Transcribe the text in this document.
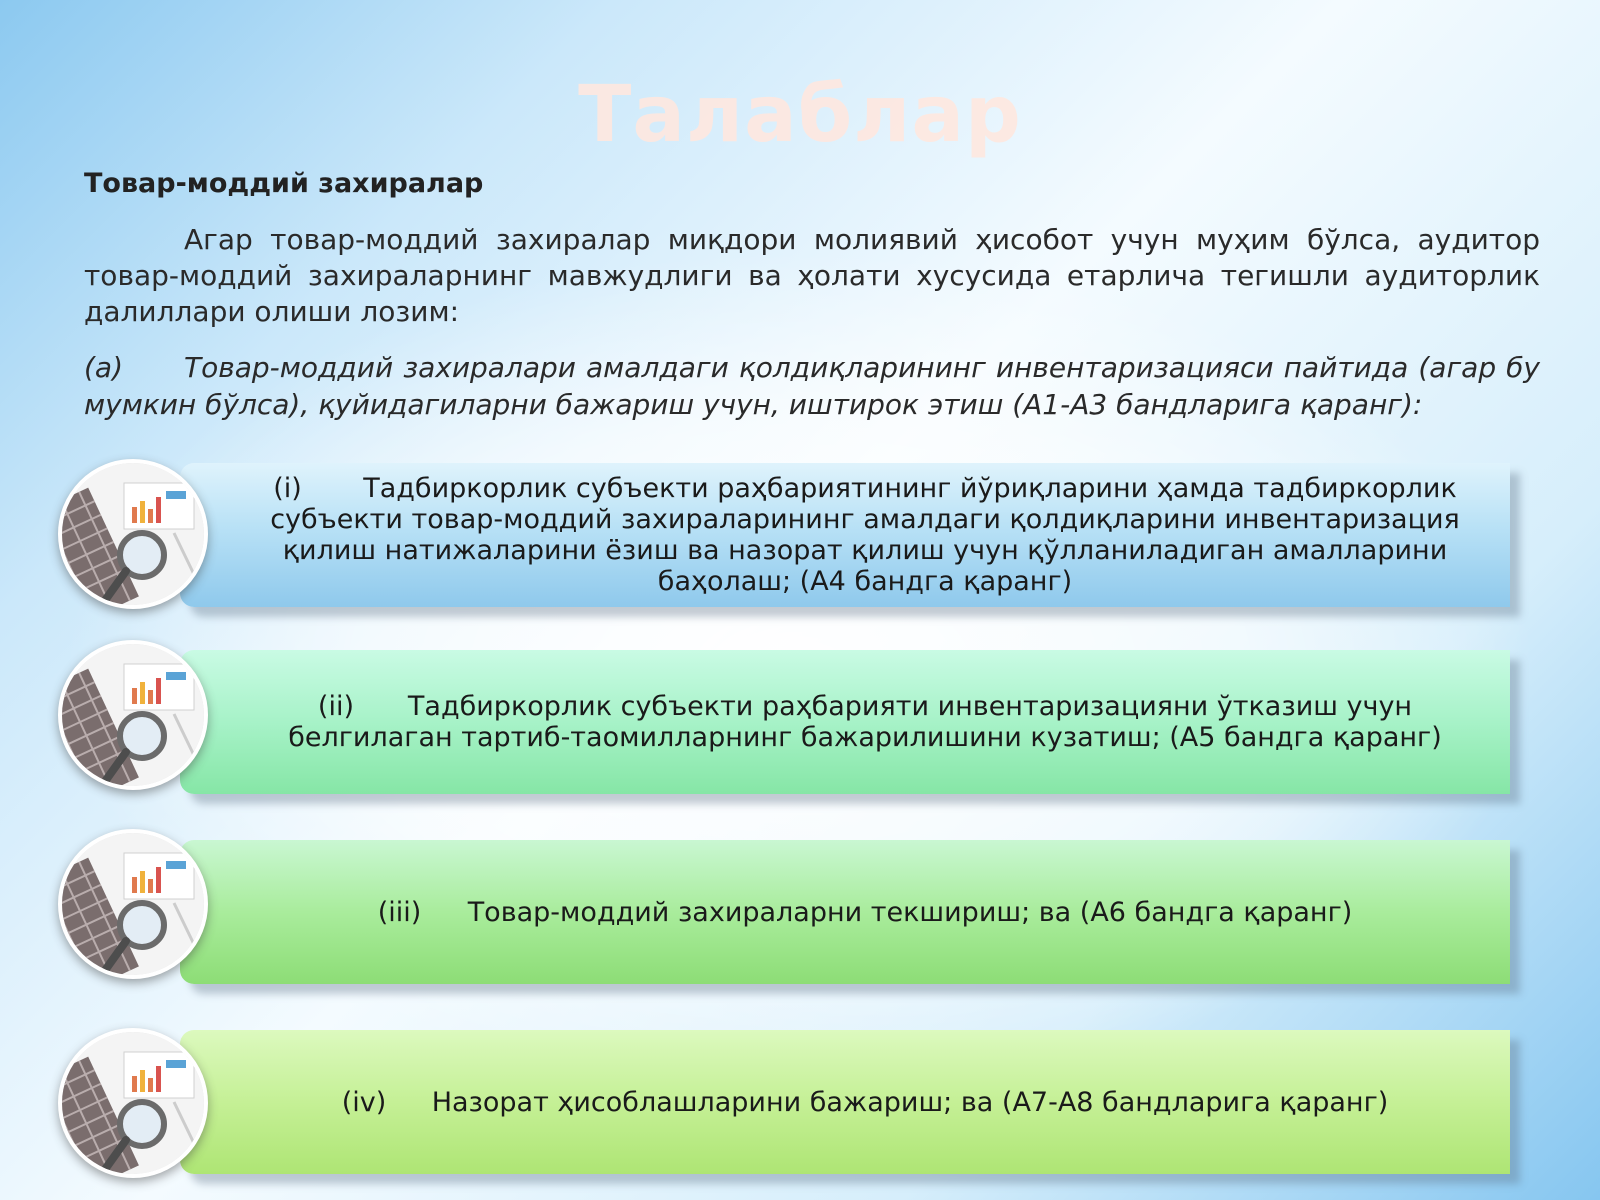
Талаблар
Товар-моддий захиралар
Агар товар-моддий захиралар миқдори молиявий ҳисобот учун муҳим бўлса, аудитор товар-моддий захираларнинг мавжудлиги ва ҳолати хусусида етарлича тегишли аудиторлик далиллари олиши лозим:
(а) Товар-моддий захиралари амалдаги қолдиқларининг инвентаризацияси пайтида (агар бу мумкин бўлса), қуйидагиларни бажариш учун, иштирок этиш (А1-А3 бандларига қаранг):
(i) Тадбиркорлик субъекти раҳбариятининг йўриқларини ҳамда тадбиркорлик субъекти товар-моддий захираларининг амалдаги қолдиқларини инвентаризация қилиш натижаларини ёзиш ва назорат қилиш учун қўлланиладиган амалларини баҳолаш; (А4 бандга қаранг)
(ii) Тадбиркорлик субъекти раҳбарияти инвентаризацияни ўтказиш учун белгилаган тартиб-таомилларнинг бажарилишини кузатиш; (А5 бандга қаранг)
(iii) Товар-моддий захираларни текшириш; ва (А6 бандга қаранг)
(iv) Назорат ҳисоблашларини бажариш; ва (А7-А8 бандларига қаранг)
